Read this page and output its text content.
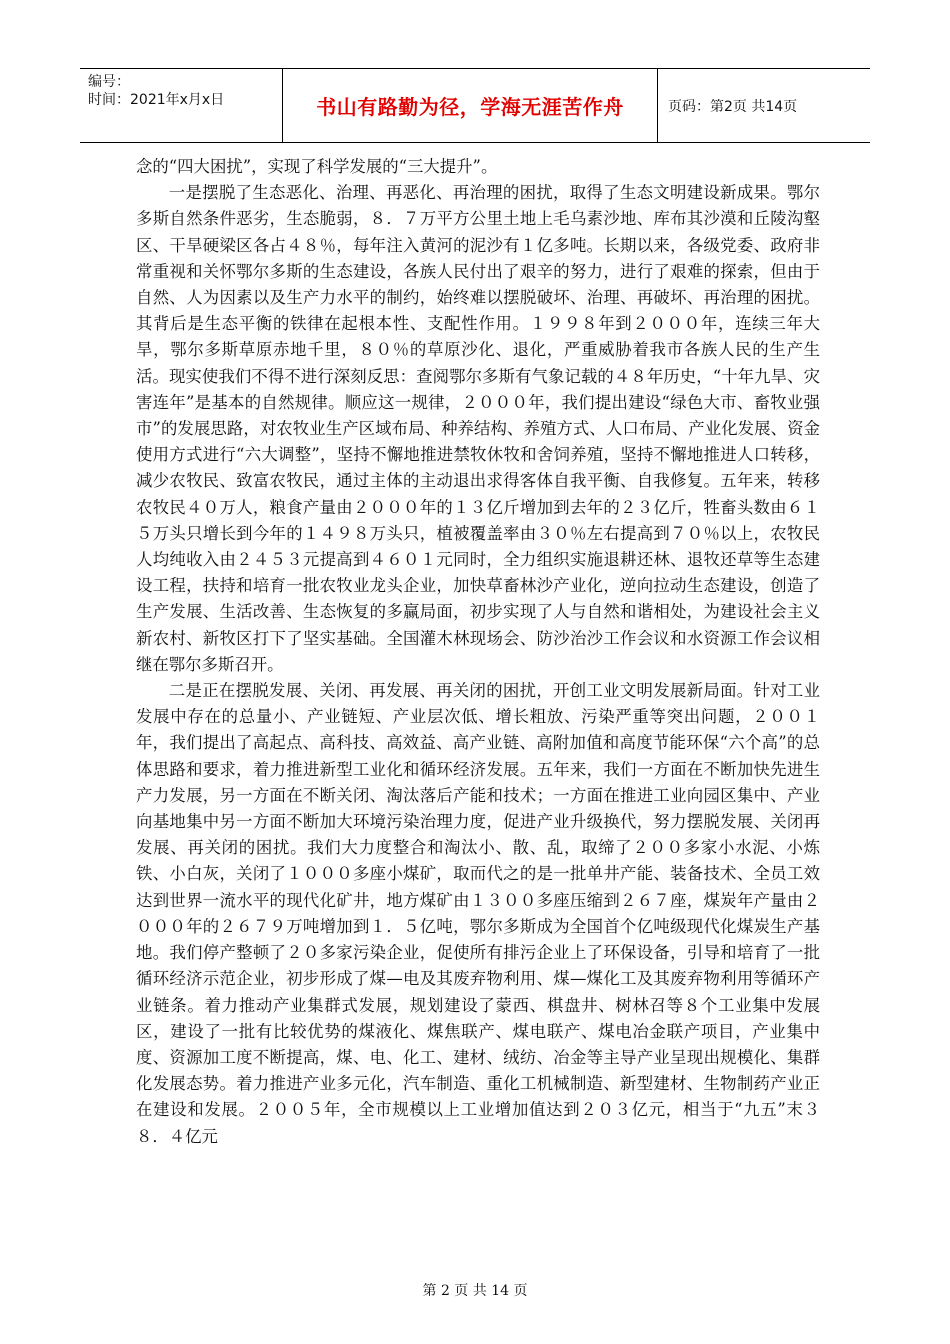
编号：
时间：2021年x月x日	书山有路勤为径，学海无涯苦作舟	页码：第2页 共14页

念的“四大困扰”，实现了科学发展的“三大提升”。

一是摆脱了生态恶化、治理、再恶化、再治理的困扰，取得了生态文明建设新成果。鄂尔多斯自然条件恶劣，生态脆弱，８．７万平方公里土地上毛乌素沙地、库布其沙漠和丘陵沟壑区、干旱硬梁区各占４８％，每年注入黄河的泥沙有１亿多吨。长期以来，各级党委、政府非常重视和关怀鄂尔多斯的生态建设，各族人民付出了艰辛的努力，进行了艰难的探索，但由于自然、人为因素以及生产力水平的制约，始终难以摆脱破坏、治理、再破坏、再治理的困扰。其背后是生态平衡的铁律在起根本性、支配性作用。１９９８年到２０００年，连续三年大旱，鄂尔多斯草原赤地千里，８０％的草原沙化、退化，严重威胁着我市各族人民的生产生活。现实使我们不得不进行深刻反思：查阅鄂尔多斯有气象记载的４８年历史，“十年九旱、灾害连年”是基本的自然规律。顺应这一规律，２０００年，我们提出建设“绿色大市、畜牧业强市”的发展思路，对农牧业生产区域布局、种养结构、养殖方式、人口布局、产业化发展、资金使用方式进行“六大调整”，坚持不懈地推进禁牧休牧和舍饲养殖，坚持不懈地推进人口转移，减少农牧民、致富农牧民，通过主体的主动退出求得客体自我平衡、自我修复。五年来，转移农牧民４０万人，粮食产量由２０００年的１３亿斤增加到去年的２３亿斤，牲畜头数由６１５万头只增长到今年的１４９８万头只，植被覆盖率由３０％左右提高到７０％以上，农牧民人均纯收入由２４５３元提高到４６０１元同时，全力组织实施退耕还林、退牧还草等生态建设工程，扶持和培育一批农牧业龙头企业，加快草畜林沙产业化，逆向拉动生态建设，创造了生产发展、生活改善、生态恢复的多赢局面，初步实现了人与自然和谐相处，为建设社会主义新农村、新牧区打下了坚实基础。全国灌木林现场会、防沙治沙工作会议和水资源工作会议相继在鄂尔多斯召开。

二是正在摆脱发展、关闭、再发展、再关闭的困扰，开创工业文明发展新局面。针对工业发展中存在的总量小、产业链短、产业层次低、增长粗放、污染严重等突出问题，２００１年，我们提出了高起点、高科技、高效益、高产业链、高附加值和高度节能环保“六个高”的总体思路和要求，着力推进新型工业化和循环经济发展。五年来，我们一方面在不断加快先进生产力发展，另一方面在不断关闭、淘汰落后产能和技术；一方面在推进工业向园区集中、产业向基地集中另一方面不断加大环境污染治理力度，促进产业升级换代，努力摆脱发展、关闭再发展、再关闭的困扰。我们大力度整合和淘汰小、散、乱，取缔了２００多家小水泥、小炼铁、小白灰，关闭了１０００多座小煤矿，取而代之的是一批单井产能、装备技术、全员工效达到世界一流水平的现代化矿井，地方煤矿由１３００多座压缩到２６７座，煤炭年产量由２０００年的２６７９万吨增加到１．５亿吨，鄂尔多斯成为全国首个亿吨级现代化煤炭生产基地。我们停产整顿了２０多家污染企业，促使所有排污企业上了环保设备，引导和培育了一批循环经济示范企业，初步形成了煤—电及其废弃物利用、煤—煤化工及其废弃物利用等循环产业链条。着力推动产业集群式发展，规划建设了蒙西、棋盘井、树林召等８个工业集中发展区，建设了一批有比较优势的煤液化、煤焦联产、煤电联产、煤电冶金联产项目，产业集中度、资源加工度不断提高，煤、电、化工、建材、绒纺、冶金等主导产业呈现出规模化、集群化发展态势。着力推进产业多元化，汽车制造、重化工机械制造、新型建材、生物制药产业正在建设和发展。２００５年，全市规模以上工业增加值达到２０３亿元，相当于“九五”末３８．４亿元

第 2 页 共 14 页
